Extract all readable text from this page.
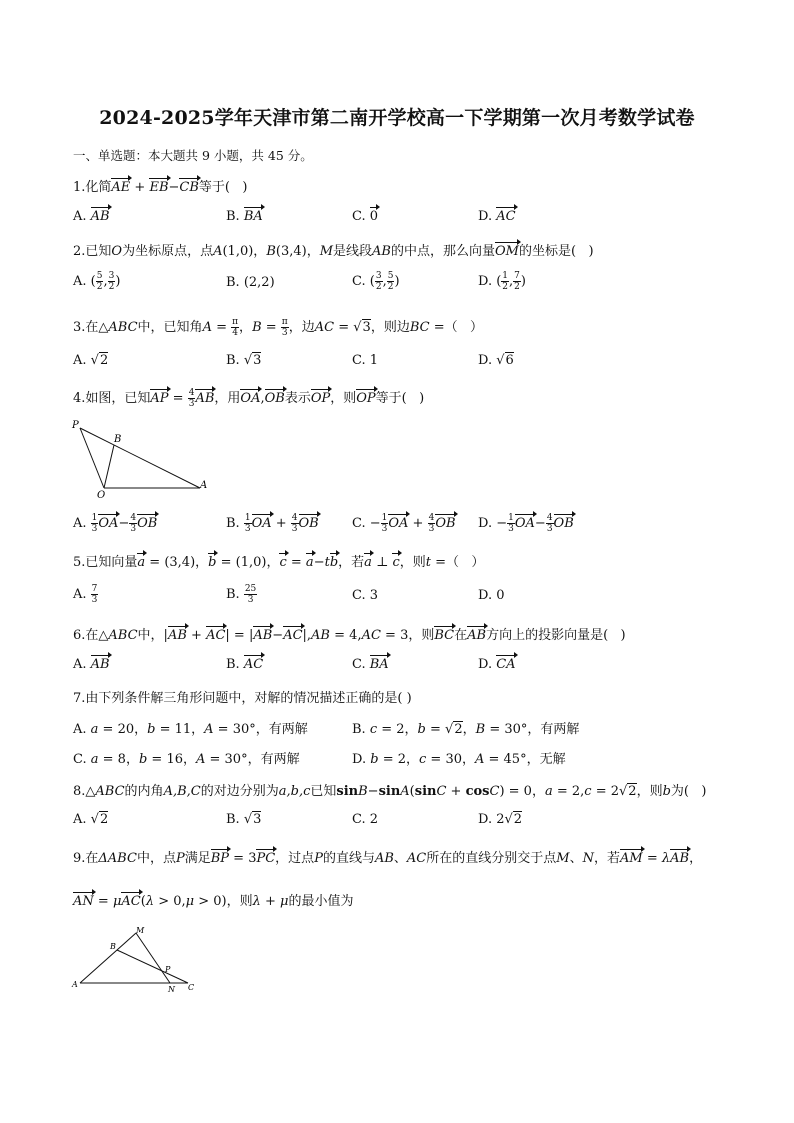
2024-2025学年天津市第二南开学校高一下学期第一次月考数学试卷
一、单选题：本大题共 9 小题，共 45 分。
1.化简AE + EB−CB等于(   )
A. AB	B. BA	C. 0	D. AC
2.已知O为坐标原点，点A(1,0)，B(3,4)，M是线段AB的中点，那么向量OM的坐标是(   )
A. ( $\frac{5}{2}$ , $\frac{3}{2}$ )	B. (2,2)	C. ( $\frac{3}{2}$ , $\frac{5}{2}$ )	D. ( $\frac{1}{2}$ , $\frac{7}{2}$ )
3.在△ABC中，已知角$A = \frac{\pi}{4}$ ，$B = \frac{\pi}{3}$ ，边AC = √3，则边BC =（   ）
A. √2	B. √3	C. 1	D. √6
4.如图，已知AP = $\frac{4}{3}$ AB，用OA,OB表示OP，则OP等于(   )
P
B
O
A
A. $\frac{1}{3} OA- \frac{4}{3}$ OB	B. $\frac{1}{3}$ OA + $\frac{4}{3}$ OB	C. − $\frac{1}{3}$ OA + $\frac{4}{3}$ OB D. − $\frac{1}{3} OA- \frac{4}{3}$ OB
5.已知向量a = (3,4)，b = (1,0)，c = a−tb，若a ⊥ c，则t =（   ）
A. $\frac{7}{3}$	B. $\frac{25}{3}$	C. 3	D. 0
6.在△ABC中，|AB + AC| = |AB−AC|,AB = 4,AC = 3，则BC在AB方向上的投影向量是(   )
A. AB	B. AC	C. BA	D. CA
7.由下列条件解三角形问题中，对解的情况描述正确的是( )
A. a = 20，b = 11，A = 30°，有两解	B. c = 2，b = √2，B = 30°，有两解
C. a = 8，b = 16，A = 30°，有两解	D. b = 2，c = 30，A = 45°，无解
8.△ABC的内角A,B,C的对边分别为a,b,c已知sinB−sinA(sinC + cosC) = 0，a = 2,c = 2√2，则b为(   )
A. √2	B. √3	C. 2	D. 2√2
9.在ΔABC中，点P满足BP = 3PC，过点P的直线与AB、AC所在的直线分别交于点M、N，若AM = λAB，
AN = μAC(λ > 0,μ > 0)，则λ + μ的最小值为
M
B
P
A
N C
